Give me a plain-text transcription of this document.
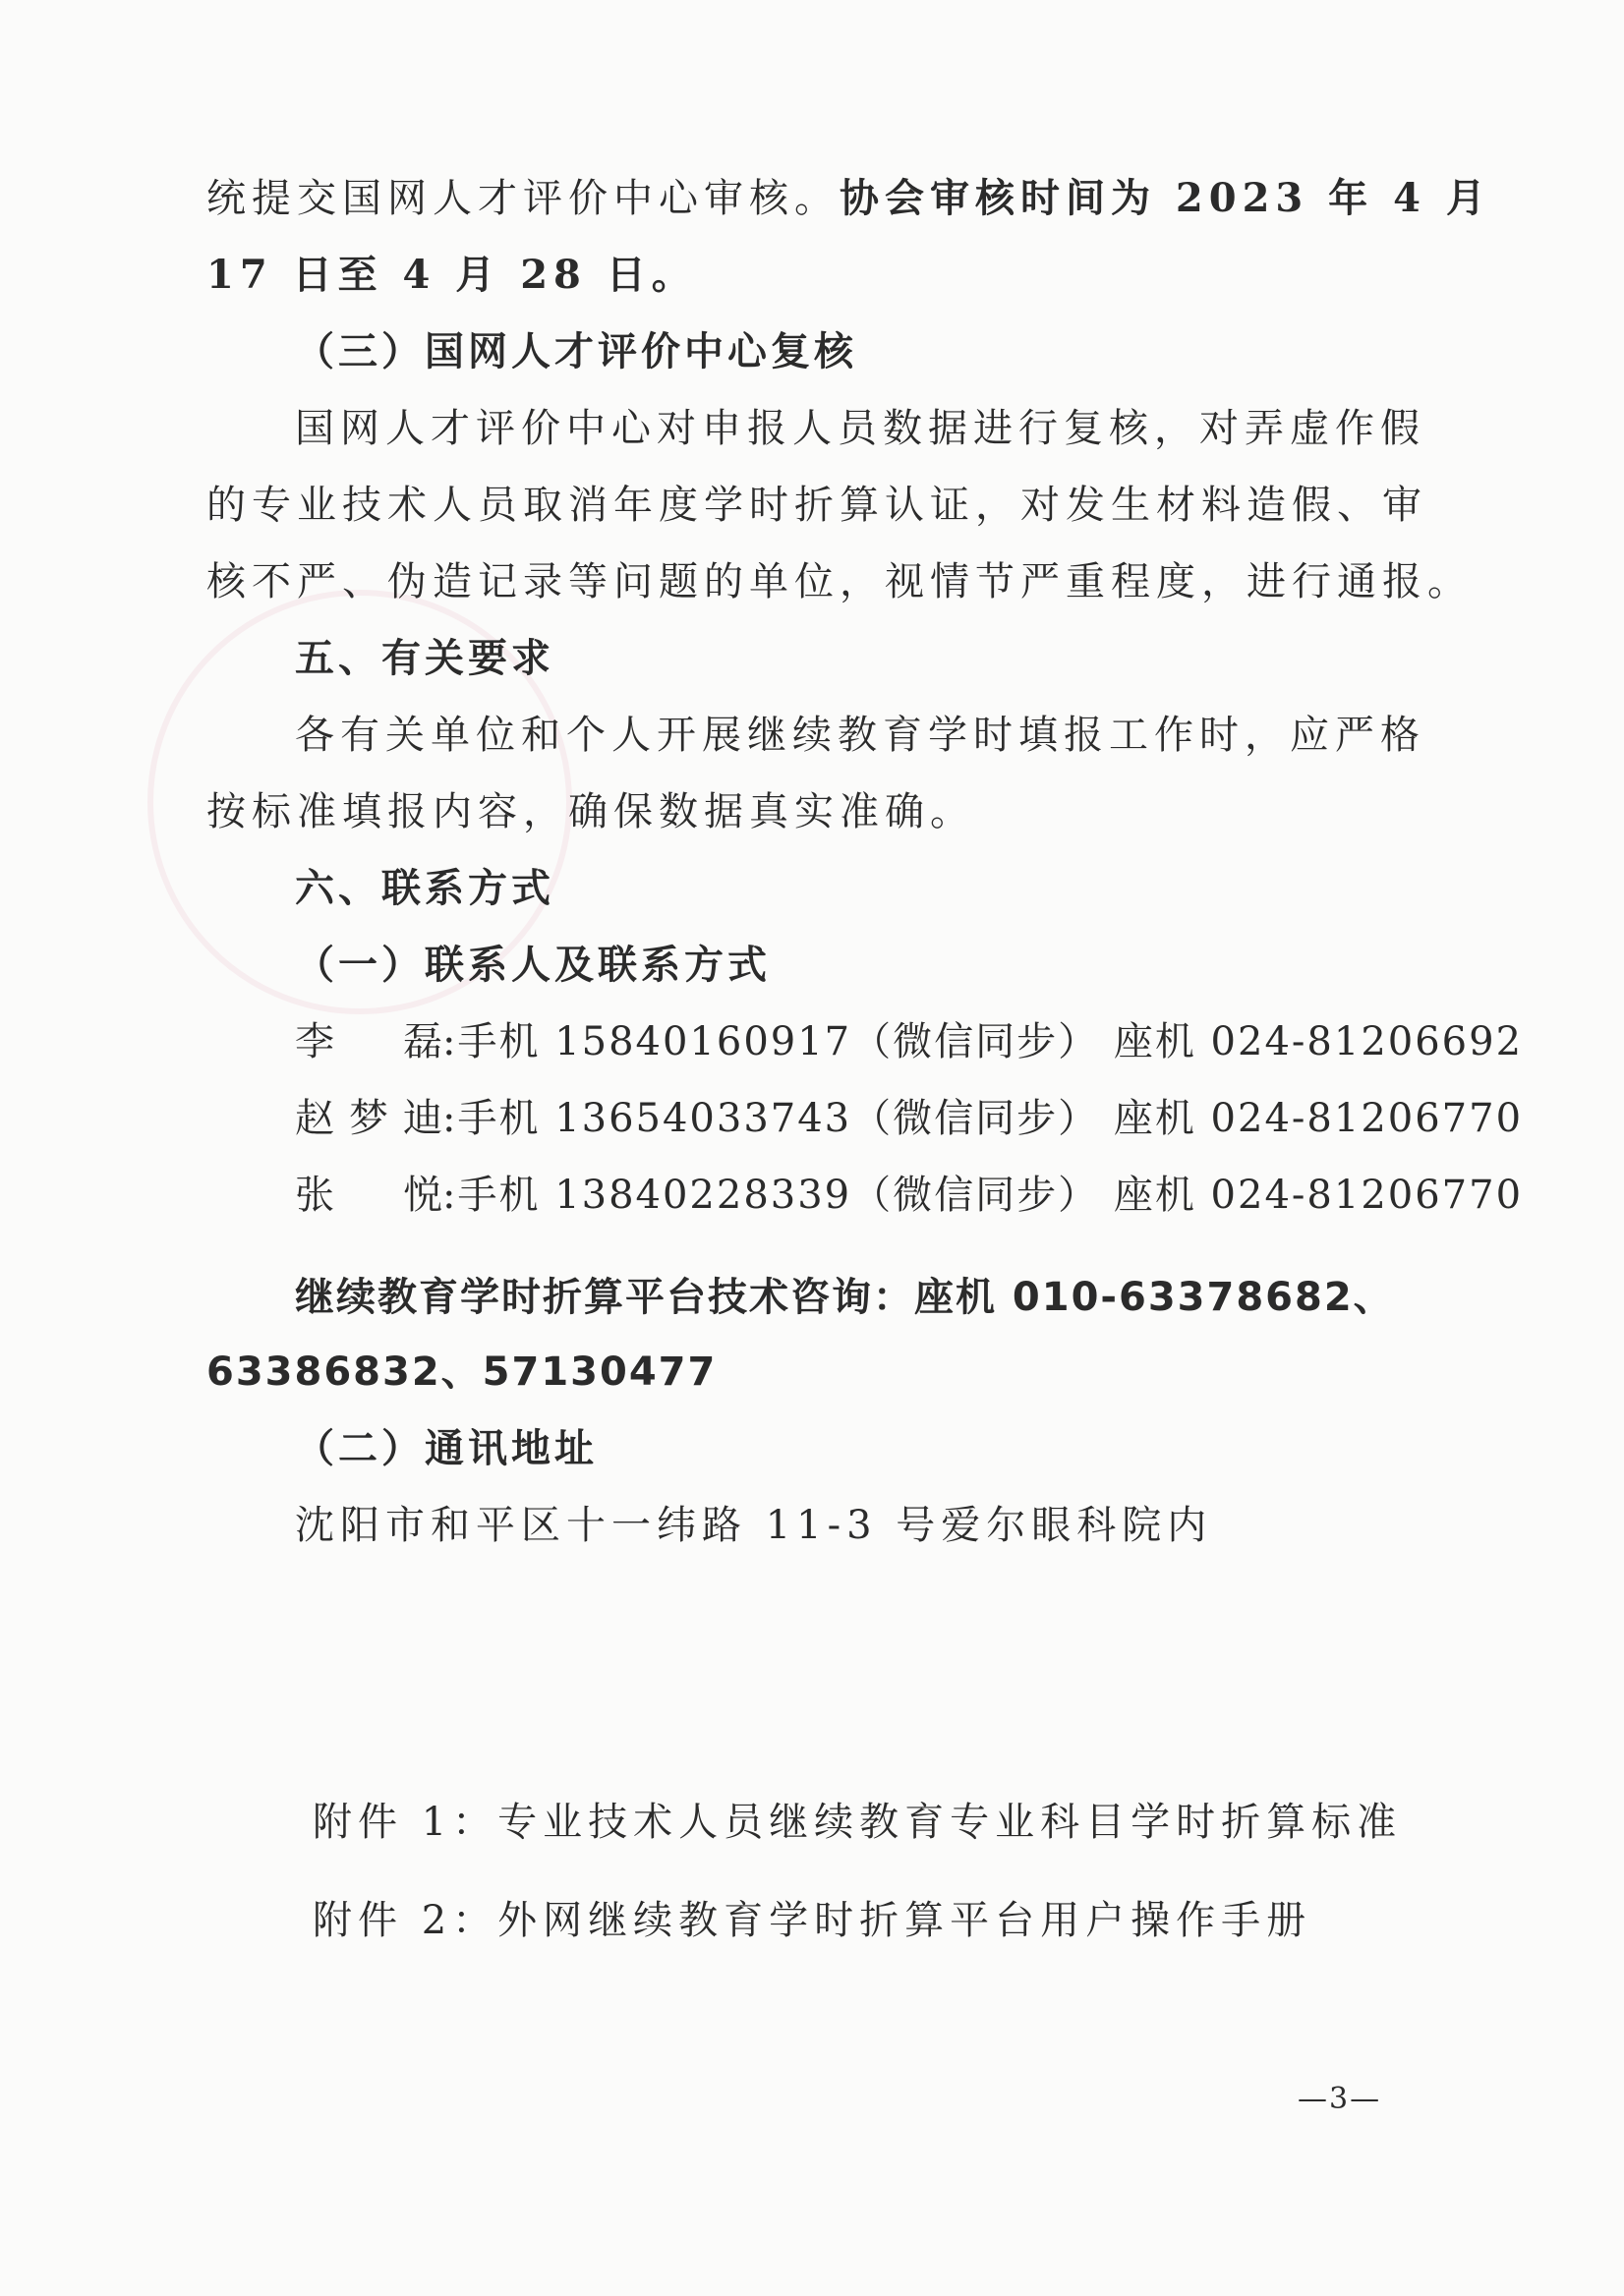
统提交国网人才评价中心审核。协会审核时间为 2023 年 4 月
17 日至 4 月 28 日。
（三）国网人才评价中心复核
国网人才评价中心对申报人员数据进行复核，对弄虚作假
的专业技术人员取消年度学时折算认证，对发生材料造假、审
核不严、伪造记录等问题的单位，视情节严重程度，进行通报。
五、有关要求
各有关单位和个人开展继续教育学时填报工作时，应严格
按标准填报内容，确保数据真实准确。
六、联系方式
（一）联系人及联系方式
李　磊:手机 15840160917（微信同步） 座机 024-81206692
赵梦迪:手机 13654033743（微信同步） 座机 024-81206770
张　悦:手机 13840228339（微信同步） 座机 024-81206770
继续教育学时折算平台技术咨询：座机 010-63378682、
63386832、57130477
（二）通讯地址
沈阳市和平区十一纬路 11-3 号爱尔眼科院内
附件 1：专业技术人员继续教育专业科目学时折算标准
附件 2：外网继续教育学时折算平台用户操作手册
—3—
